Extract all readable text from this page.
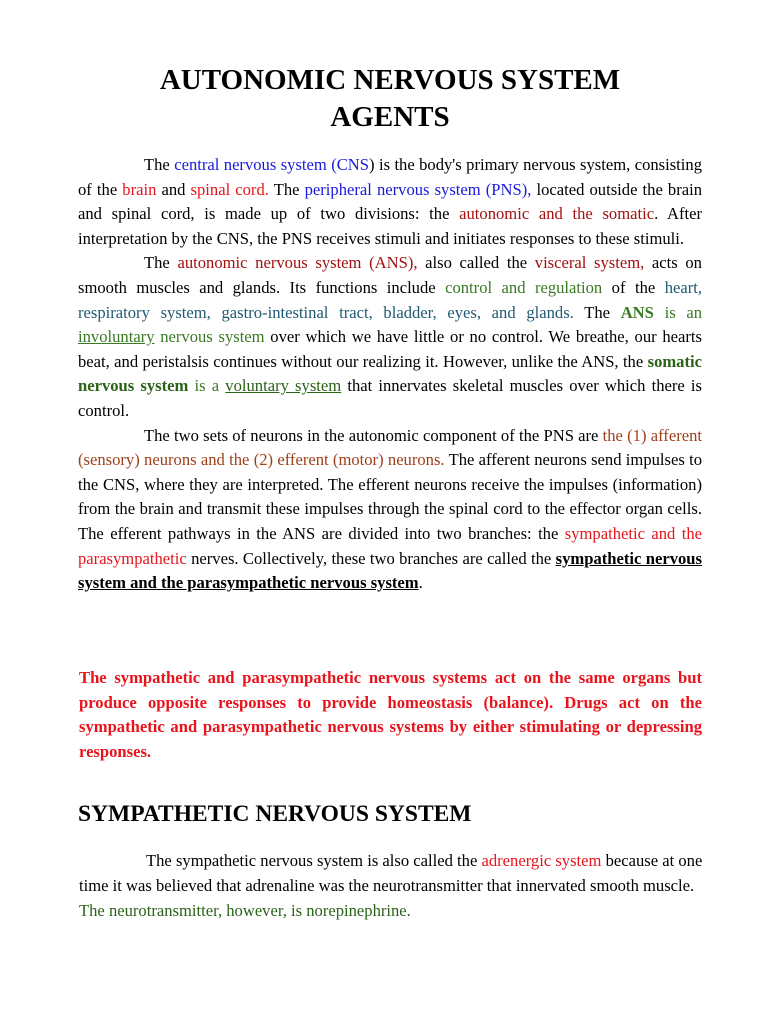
AUTONOMIC NERVOUS SYSTEM
AGENTS

The central nervous system (CNS) is the body's primary nervous system, consisting of the brain and spinal cord. The peripheral nervous system (PNS), located outside the brain and spinal cord, is made up of two divisions: the autonomic and the somatic. After interpretation by the CNS, the PNS receives stimuli and initiates responses to these stimuli.

The autonomic nervous system (ANS), also called the visceral system, acts on smooth muscles and glands. Its functions include control and regulation of the heart, respiratory system, gastro-intestinal tract, bladder, eyes, and glands. The ANS is an involuntary nervous system over which we have little or no control. We breathe, our hearts beat, and peristalsis continues without our realizing it. However, unlike the ANS, the somatic nervous system is a voluntary system that innervates skeletal muscles over which there is control.

The two sets of neurons in the autonomic component of the PNS are the (1) afferent (sensory) neurons and the (2) efferent (motor) neurons. The afferent neurons send impulses to the CNS, where they are interpreted. The efferent neurons receive the impulses (information) from the brain and transmit these impulses through the spinal cord to the effector organ cells. The efferent pathways in the ANS are divided into two branches: the sympathetic and the parasympathetic nerves. Collectively, these two branches are called the sympathetic nervous system and the parasympathetic nervous system.

The sympathetic and parasympathetic nervous systems act on the same organs but produce opposite responses to provide homeostasis (balance). Drugs act on the sympathetic and parasympathetic nervous systems by either stimulating or depressing responses.

SYMPATHETIC NERVOUS SYSTEM

The sympathetic nervous system is also called the adrenergic system because at one time it was believed that adrenaline was the neurotransmitter that innervated smooth muscle. The neurotransmitter, however, is norepinephrine.
